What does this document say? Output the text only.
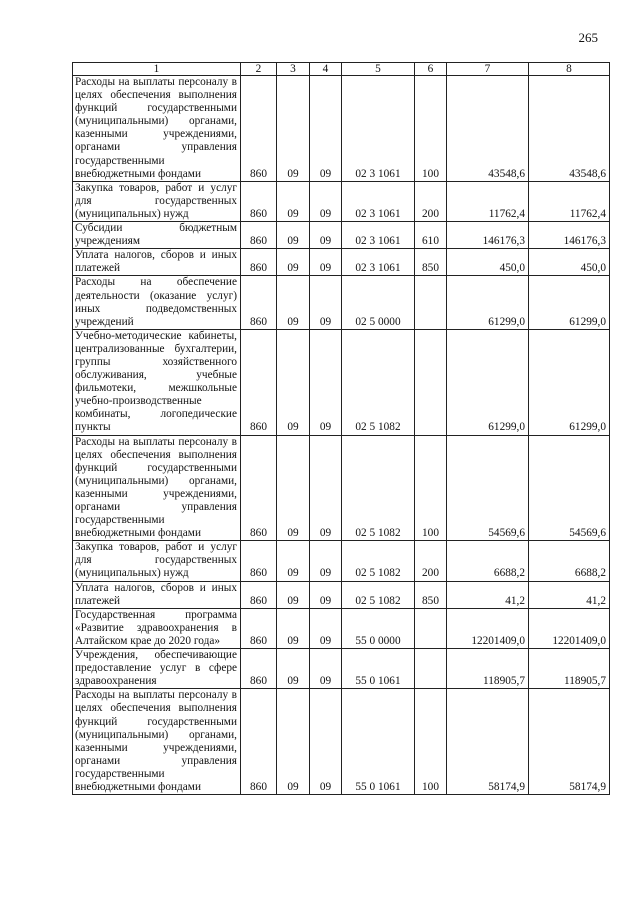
265
1	2	3	4	5	6	7	8
Расходы на выплаты персоналу в целях обеспечения выполнения функций государственными (муниципальными) органами, казенными учреждениями, органами управления государственными внебюджетными фондами	860	09	09	02 3 1061	100	43548,6	43548,6
Закупка товаров, работ и услуг для государственных (муниципальных) нужд	860	09	09	02 3 1061	200	11762,4	11762,4
Субсидии бюджетным учреждениям	860	09	09	02 3 1061	610	146176,3	146176,3
Уплата налогов, сборов и иных платежей	860	09	09	02 3 1061	850	450,0	450,0
Расходы на обеспечение деятельности (оказание услуг) иных подведомственных учреждений	860	09	09	02 5 0000		61299,0	61299,0
Учебно-методические кабинеты, централизованные бухгалтерии, группы хозяйственного обслуживания, учебные фильмотеки, межшкольные учебно-производственные комбинаты, логопедические пункты	860	09	09	02 5 1082		61299,0	61299,0
Расходы на выплаты персоналу в целях обеспечения выполнения функций государственными (муниципальными) органами, казенными учреждениями, органами управления государственными внебюджетными фондами	860	09	09	02 5 1082	100	54569,6	54569,6
Закупка товаров, работ и услуг для государственных (муниципальных) нужд	860	09	09	02 5 1082	200	6688,2	6688,2
Уплата налогов, сборов и иных платежей	860	09	09	02 5 1082	850	41,2	41,2
Государственная программа «Развитие здравоохранения в Алтайском крае до 2020 года»	860	09	09	55 0 0000		12201409,0	12201409,0
Учреждения, обеспечивающие предоставление услуг в сфере здравоохранения	860	09	09	55 0 1061		118905,7	118905,7
Расходы на выплаты персоналу в целях обеспечения выполнения функций государственными (муниципальными) органами, казенными учреждениями, органами управления государственными внебюджетными фондами	860	09	09	55 0 1061	100	58174,9	58174,9
